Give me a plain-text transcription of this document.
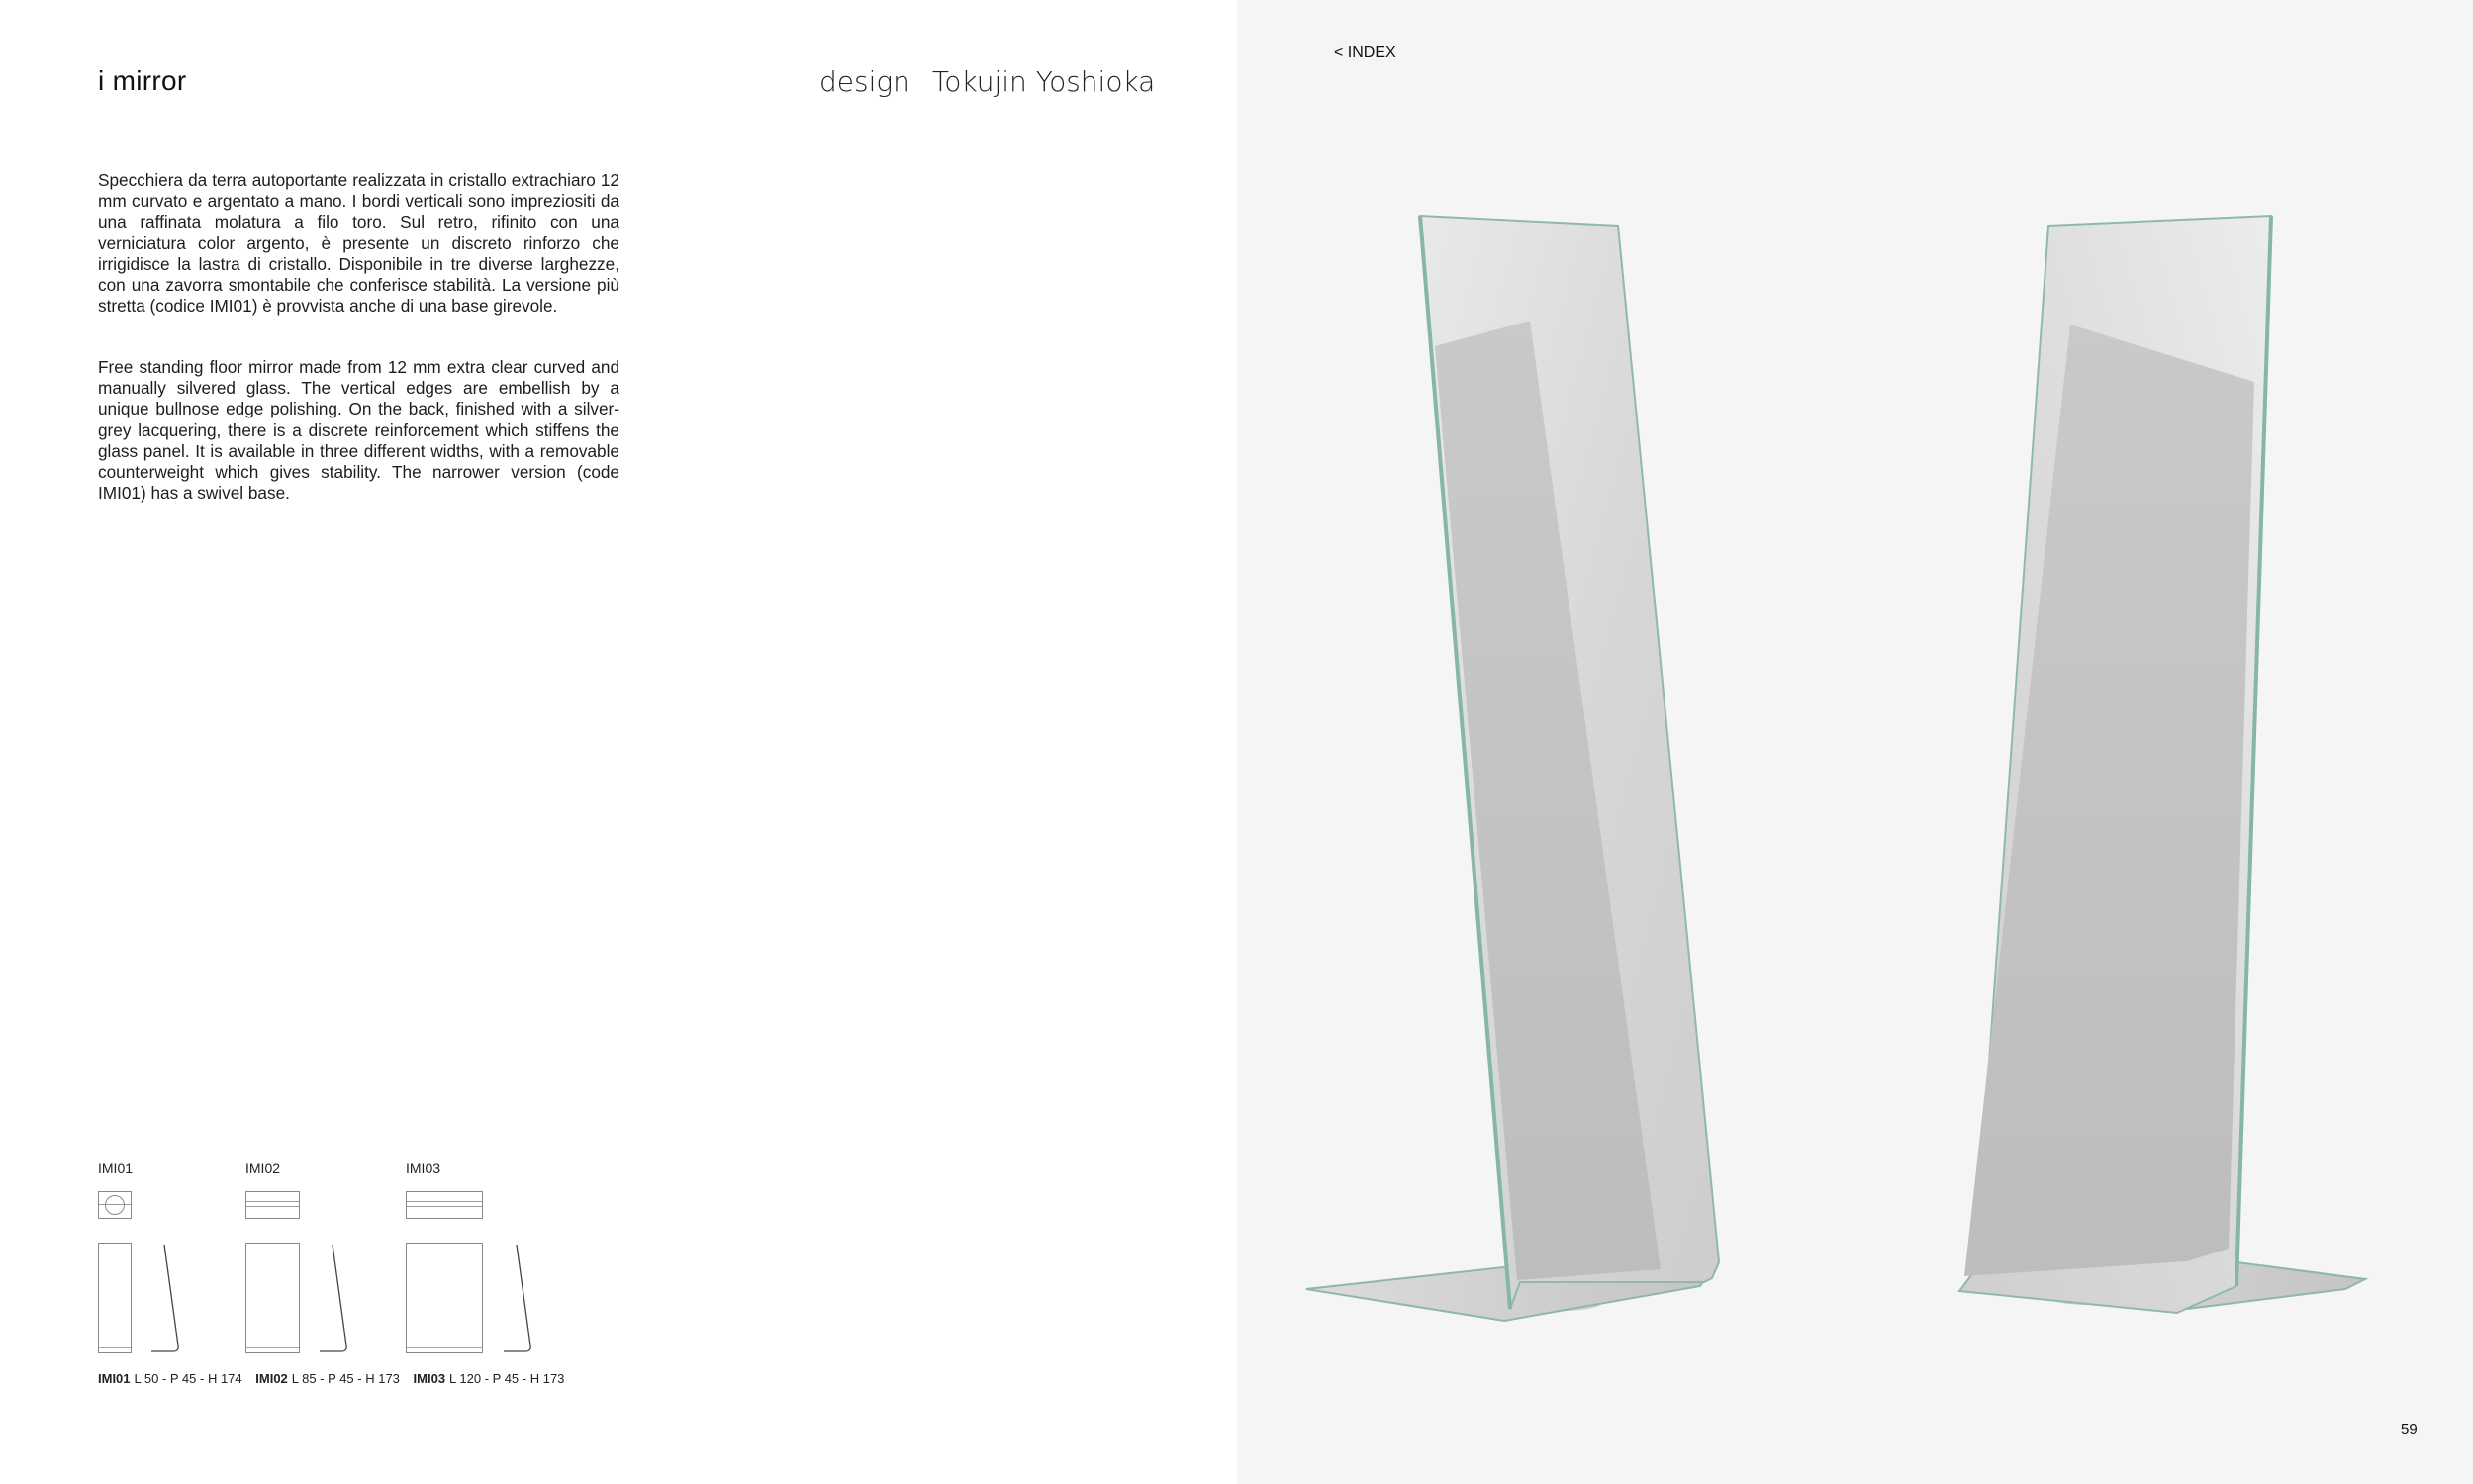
i mirror	design Tokujin Yoshioka

Specchiera da terra autoportante realizzata in cristallo extrachiaro 12 mm curvato e argentato a mano. I bordi verticali sono impreziositi da una raffinata molatura a filo toro. Sul retro, rifinito con una verniciatura color argento, è presente un discreto rinforzo che irrigidisce la lastra di cristallo. Disponibile in tre diverse larghezze, con una zavorra smontabile che conferisce stabilità. La versione più stretta (codice IMI01) è provvista anche di una base girevole.

Free standing floor mirror made from 12 mm extra clear curved and manually silvered glass. The vertical edges are embellish by a unique bullnose edge polishing. On the back, finished with a silver-grey lacquering, there is a discrete reinforcement which stiffens the glass panel. It is available in three different widths, with a removable counterweight which gives stability. The narrower version (code IMI01) has a swivel base.

IMI01	IMI02	IMI03
IMI01 L 50 - P 45 - H 174 IMI02 L 85 - P 45 - H 173 IMI03 L 120 - P 45 - H 173
< INDEX
59
